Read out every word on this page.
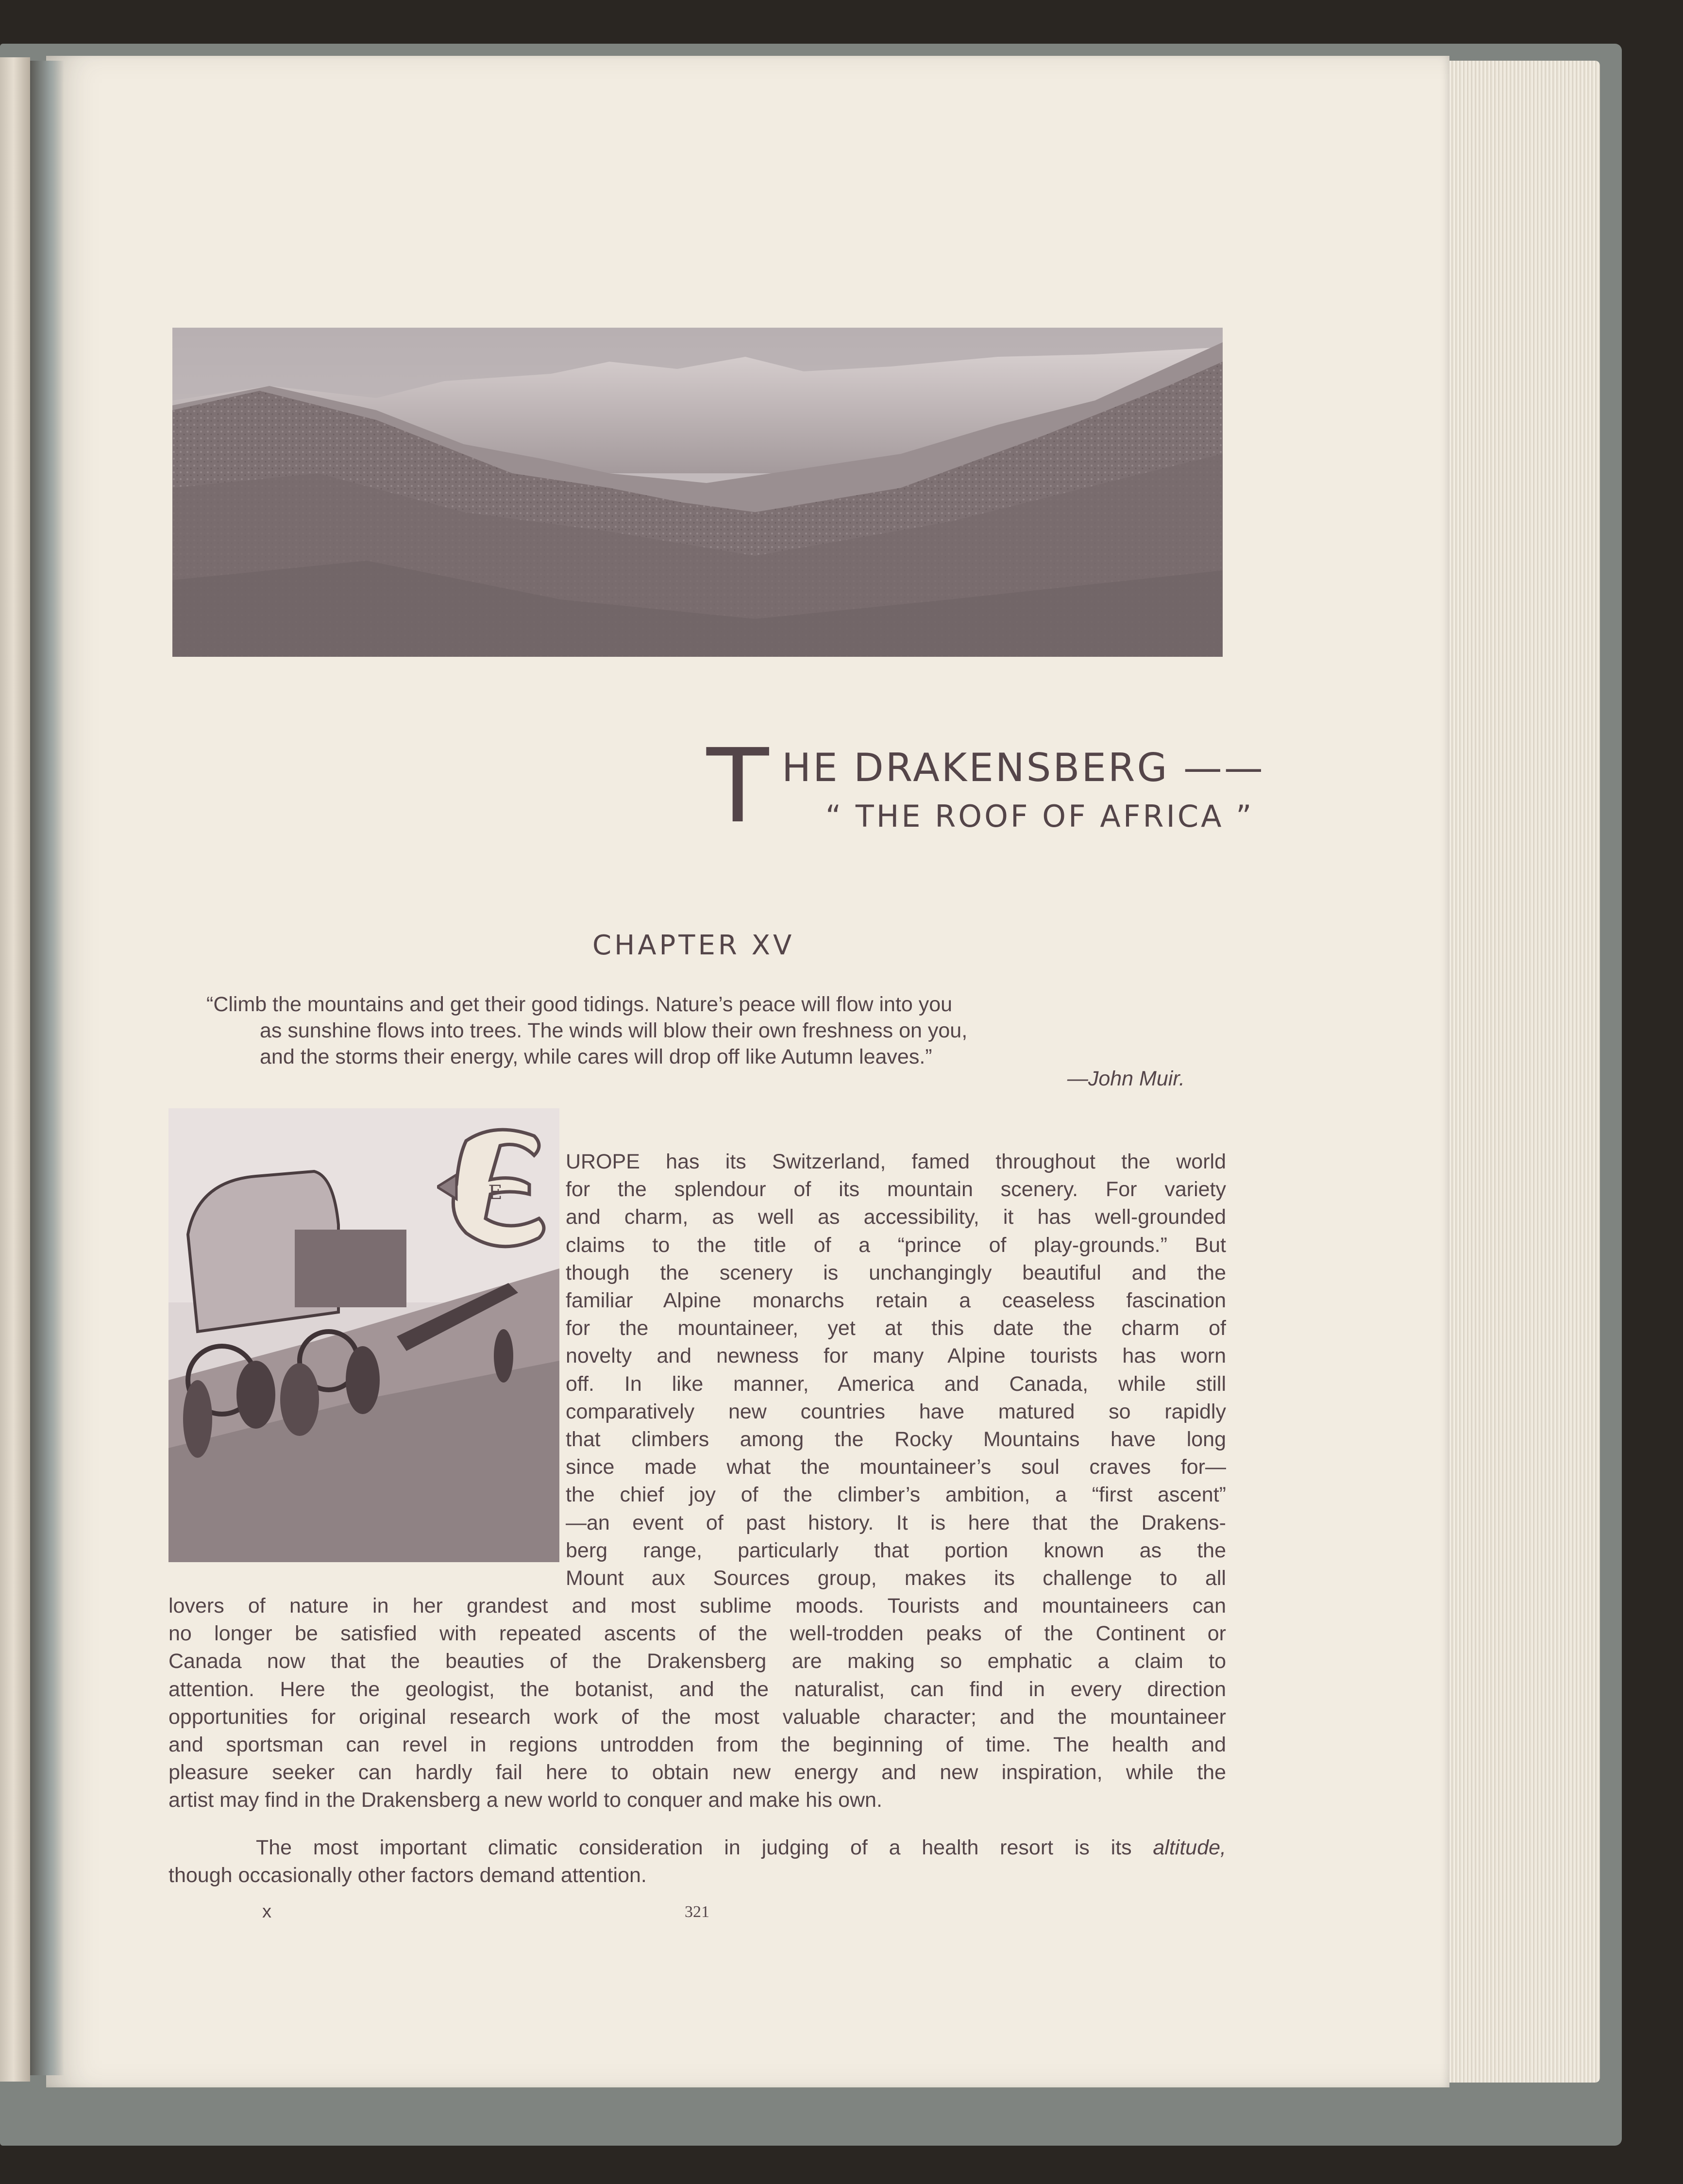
T HE DRAKENSBERG ——
“ THE ROOF OF AFRICA ”
CHAPTER XV
“Climb the mountains and get their good tidings. Nature’s peace will flow into you
as sunshine flows into trees. The winds will blow their own freshness on you,
and the storms their energy, while cares will drop off like Autumn leaves.”
—John Muir.
E
UROPE has its Switzerland, famed throughout the world
for the splendour of its mountain scenery. For variety
and charm, as well as accessibility, it has well-grounded
claims to the title of a “prince of play-grounds.” But
though the scenery is unchangingly beautiful and the
familiar Alpine monarchs retain a ceaseless fascination
for the mountaineer, yet at this date the charm of
novelty and newness for many Alpine tourists has worn
off. In like manner, America and Canada, while still
comparatively new countries have matured so rapidly
that climbers among the Rocky Mountains have long
since made what the mountaineer’s soul craves for—
the chief joy of the climber’s ambition, a “first ascent”
—an event of past history. It is here that the Drakens-
berg range, particularly that portion known as the
Mount aux Sources group, makes its challenge to all
lovers of nature in her grandest and most sublime moods. Tourists and mountaineers can
no longer be satisfied with repeated ascents of the well-trodden peaks of the Continent or
Canada now that the beauties of the Drakensberg are making so emphatic a claim to
attention. Here the geologist, the botanist, and the naturalist, can find in every direction
opportunities for original research work of the most valuable character; and the mountaineer
and sportsman can revel in regions untrodden from the beginning of time. The health and
pleasure seeker can hardly fail here to obtain new energy and new inspiration, while the
artist may find in the Drakensberg a new world to conquer and make his own.
The most important climatic consideration in judging of a health resort is its altitude,
though occasionally other factors demand attention.
x	321
